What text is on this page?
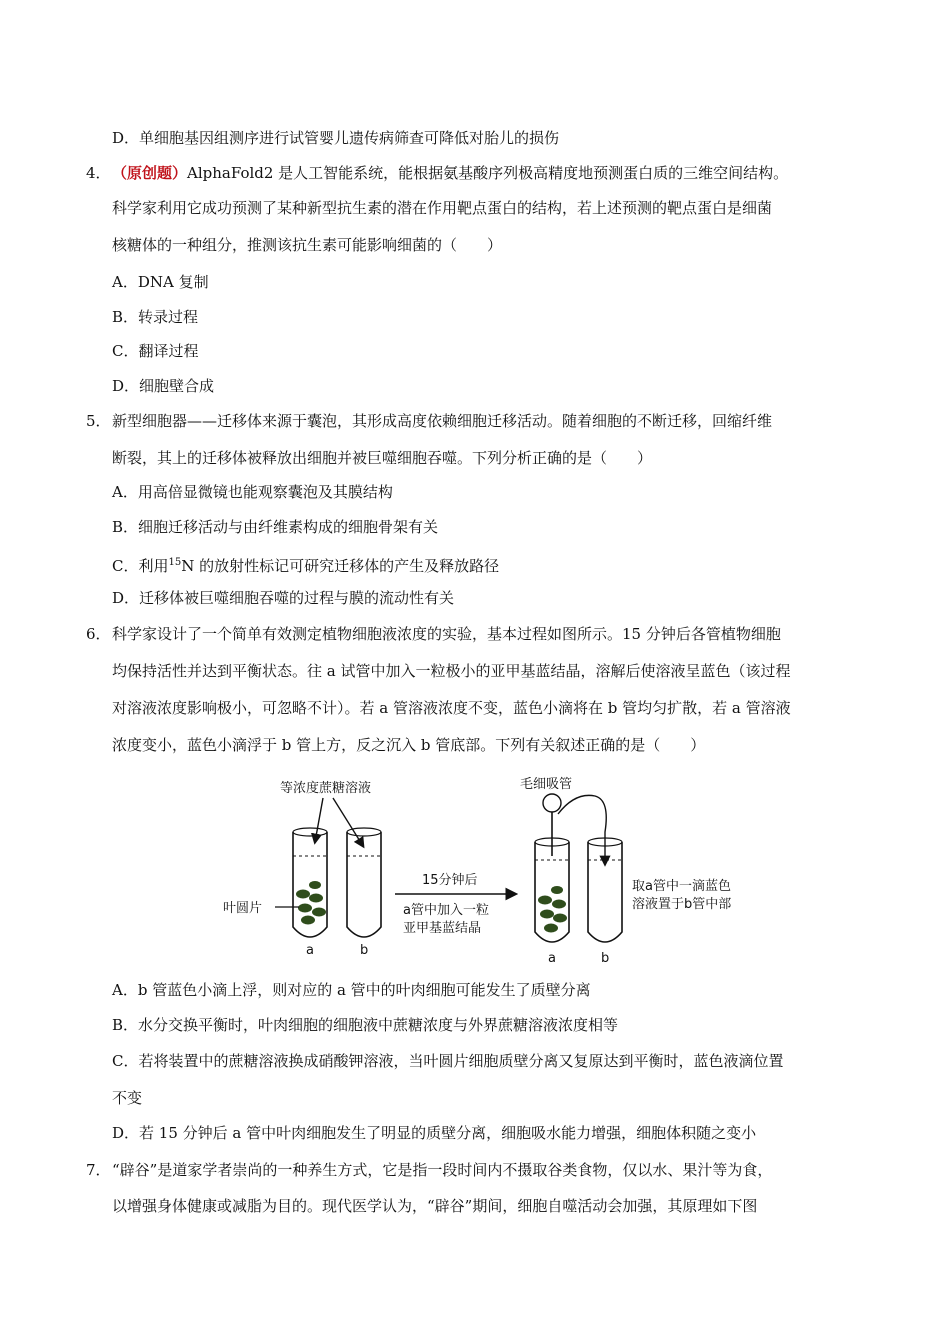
D．单细胞基因组测序进行试管婴儿遗传病筛查可降低对胎儿的损伤
4． （原创题）AlphaFold2 是人工智能系统，能根据氨基酸序列极高精度地预测蛋白质的三维空间结构。
科学家利用它成功预测了某种新型抗生素的潜在作用靶点蛋白的结构，若上述预测的靶点蛋白是细菌
核糖体的一种组分，推测该抗生素可能影响细菌的（　　）
A．DNA 复制
B．转录过程
C．翻译过程
D．细胞壁合成
5． 新型细胞器——迁移体来源于囊泡，其形成高度依赖细胞迁移活动。随着细胞的不断迁移，回缩纤维
断裂，其上的迁移体被释放出细胞并被巨噬细胞吞噬。下列分析正确的是（　　）
A．用高倍显微镜也能观察囊泡及其膜结构
B．细胞迁移活动与由纤维素构成的细胞骨架有关
C．利用$^{15}$N 的放射性标记可研究迁移体的产生及释放路径
D．迁移体被巨噬细胞吞噬的过程与膜的流动性有关
6． 科学家设计了一个简单有效测定植物细胞液浓度的实验，基本过程如图所示。15 分钟后各管植物细胞
均保持活性并达到平衡状态。往 a 试管中加入一粒极小的亚甲基蓝结晶，溶解后使溶液呈蓝色（该过程
对溶液浓度影响极小，可忽略不计）。若 a 管溶液浓度不变，蓝色小滴将在 b 管均匀扩散，若 a 管溶液
浓度变小，蓝色小滴浮于 b 管上方，反之沉入 b 管底部。下列有关叙述正确的是（　　）
等浓度蔗糖溶液
叶圆片
a	b
15分钟后
a管中加入一粒
亚甲基蓝结晶
毛细吸管
a	b
取a管中一滴蓝色
溶液置于b管中部
A．b 管蓝色小滴上浮，则对应的 a 管中的叶肉细胞可能发生了质壁分离
B．水分交换平衡时，叶肉细胞的细胞液中蔗糖浓度与外界蔗糖溶液浓度相等
C．若将装置中的蔗糖溶液换成硝酸钾溶液，当叶圆片细胞质壁分离又复原达到平衡时，蓝色液滴位置
不变
D．若 15 分钟后 a 管中叶肉细胞发生了明显的质壁分离，细胞吸水能力增强，细胞体积随之变小
7． “辟谷”是道家学者崇尚的一种养生方式，它是指一段时间内不摄取谷类食物，仅以水、果汁等为食，
以增强身体健康或减脂为目的。现代医学认为，“辟谷”期间，细胞自噬活动会加强，其原理如下图
